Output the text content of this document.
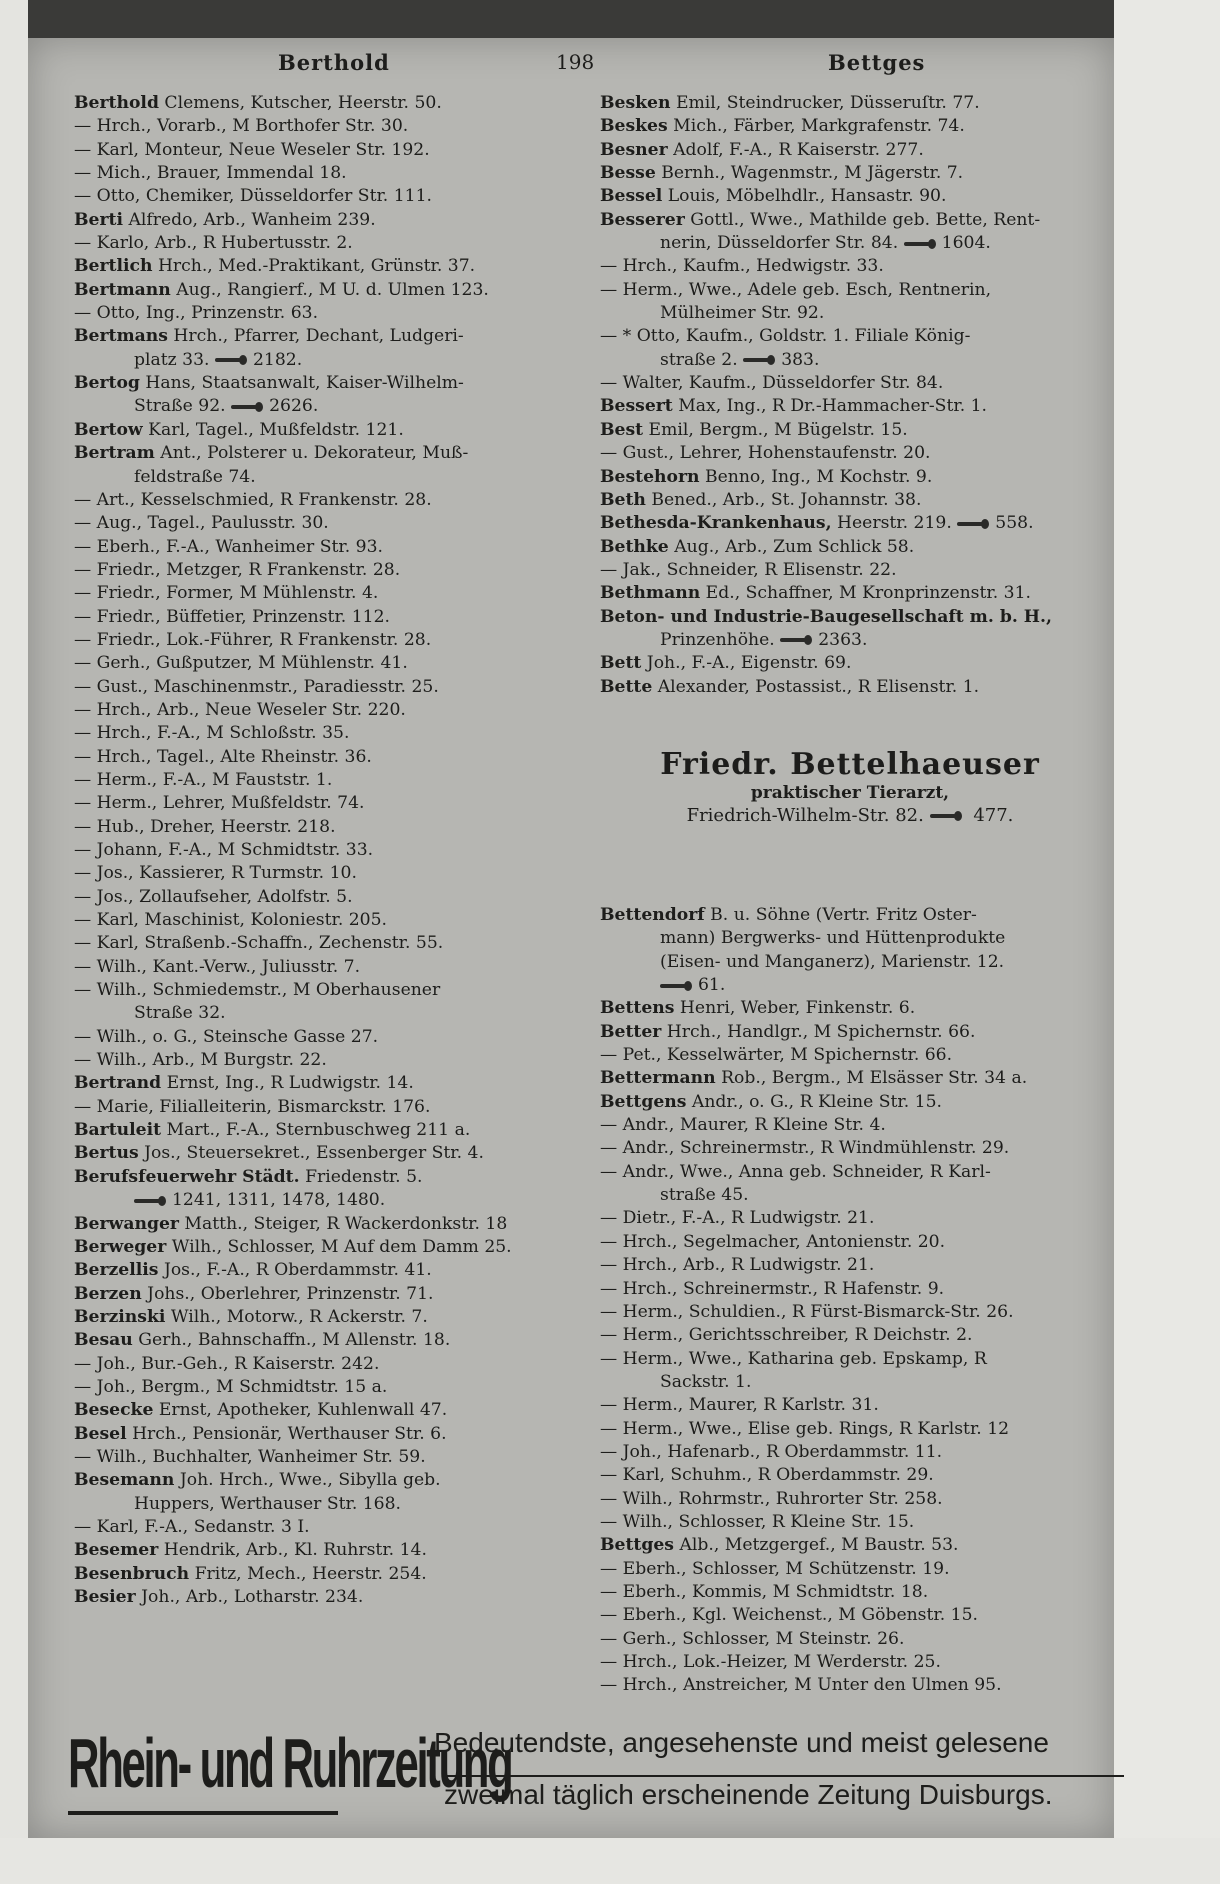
Berthold	198	Bettges
Berthold Clemens, Kutscher, Heerstr. 50.
— Hrch., Vorarb., M Borthofer Str. 30.
— Karl, Monteur, Neue Weseler Str. 192.
— Mich., Brauer, Immendal 18.
— Otto, Chemiker, Düsseldorfer Str. 111.
Berti Alfredo, Arb., Wanheim 239.
— Karlo, Arb., R Hubertusstr. 2.
Bertlich Hrch., Med.-Praktikant, Grünstr. 37.
Bertmann Aug., Rangierf., M U. d. Ulmen 123.
— Otto, Ing., Prinzenstr. 63.
Bertmans Hrch., Pfarrer, Dechant, Ludgeri-
platz 33.	2182.
Bertog Hans, Staatsanwalt, Kaiser-Wilhelm-
Straße 92.	2626.
Bertow Karl, Tagel., Mußfeldstr. 121.
Bertram Ant., Polsterer u. Dekorateur, Muß-
feldstraße 74.
— Art., Kesselschmied, R Frankenstr. 28.
— Aug., Tagel., Paulusstr. 30.
— Eberh., F.-A., Wanheimer Str. 93.
— Friedr., Metzger, R Frankenstr. 28.
— Friedr., Former, M Mühlenstr. 4.
— Friedr., Büffetier, Prinzenstr. 112.
— Friedr., Lok.-Führer, R Frankenstr. 28.
— Gerh., Gußputzer, M Mühlenstr. 41.
— Gust., Maschinenmstr., Paradiesstr. 25.
— Hrch., Arb., Neue Weseler Str. 220.
— Hrch., F.-A., M Schloßstr. 35.
— Hrch., Tagel., Alte Rheinstr. 36.
— Herm., F.-A., M Fauststr. 1.
— Herm., Lehrer, Mußfeldstr. 74.
— Hub., Dreher, Heerstr. 218.
— Johann, F.-A., M Schmidtstr. 33.
— Jos., Kassierer, R Turmstr. 10.
— Jos., Zollaufseher, Adolfstr. 5.
— Karl, Maschinist, Koloniestr. 205.
— Karl, Straßenb.-Schaffn., Zechenstr. 55.
— Wilh., Kant.-Verw., Juliusstr. 7.
— Wilh., Schmiedemstr., M Oberhausener
Straße 32.
— Wilh., o. G., Steinsche Gasse 27.
— Wilh., Arb., M Burgstr. 22.
Bertrand Ernst, Ing., R Ludwigstr. 14.
— Marie, Filialleiterin, Bismarckstr. 176.
Bartuleit Mart., F.-A., Sternbuschweg 211 a.
Bertus Jos., Steuersekret., Essenberger Str. 4.
Berufsfeuerwehr Städt. Friedenstr. 5.
1241, 1311, 1478, 1480.
Berwanger Matth., Steiger, R Wackerdonkstr. 18
Berweger Wilh., Schlosser, M Auf dem Damm 25.
Berzellis Jos., F.-A., R Oberdammstr. 41.
Berzen Johs., Oberlehrer, Prinzenstr. 71.
Berzinski Wilh., Motorw., R Ackerstr. 7.
Besau Gerh., Bahnschaffn., M Allenstr. 18.
— Joh., Bur.-Geh., R Kaiserstr. 242.
— Joh., Bergm., M Schmidtstr. 15 a.
Besecke Ernst, Apotheker, Kuhlenwall 47.
Besel Hrch., Pensionär, Werthauser Str. 6.
— Wilh., Buchhalter, Wanheimer Str. 59.
Besemann Joh. Hrch., Wwe., Sibylla geb.
Huppers, Werthauser Str. 168.
— Karl, F.-A., Sedanstr. 3 I.
Besemer Hendrik, Arb., Kl. Ruhrstr. 14.
Besenbruch Fritz, Mech., Heerstr. 254.
Besier Joh., Arb., Lotharstr. 234.
Besken Emil, Steindrucker, Düsseruſtr. 77.
Beskes Mich., Färber, Markgrafenstr. 74.
Besner Adolf, F.-A., R Kaiserstr. 277.
Besse Bernh., Wagenmstr., M Jägerstr. 7.
Bessel Louis, Möbelhdlr., Hansastr. 90.
Besserer Gottl., Wwe., Mathilde geb. Bette, Rent-
nerin, Düsseldorfer Str. 84.	1604.
— Hrch., Kaufm., Hedwigstr. 33.
— Herm., Wwe., Adele geb. Esch, Rentnerin,
Mülheimer Str. 92.
— * Otto, Kaufm., Goldstr. 1. Filiale König-
straße 2.	383.
— Walter, Kaufm., Düsseldorfer Str. 84.
Bessert Max, Ing., R Dr.-Hammacher-Str. 1.
Best Emil, Bergm., M Bügelstr. 15.
— Gust., Lehrer, Hohenstaufenstr. 20.
Bestehorn Benno, Ing., M Kochstr. 9.
Beth Bened., Arb., St. Johannstr. 38.
Bethesda-Krankenhaus, Heerstr. 219.	558.
Bethke Aug., Arb., Zum Schlick 58.
— Jak., Schneider, R Elisenstr. 22.
Bethmann Ed., Schaffner, M Kronprinzenstr. 31.
Beton- und Industrie-Baugesellschaft m. b. H.,
Prinzenhöhe.	2363.
Bett Joh., F.-A., Eigenstr. 69.
Bette Alexander, Postassist., R Elisenstr. 1.
Friedr. Bettelhaeuser
praktischer Tierarzt,
Friedrich-Wilhelm-Str. 82.	477.
Bettendorf B. u. Söhne (Vertr. Fritz Oster-
mann) Bergwerks- und Hüttenprodukte
(Eisen- und Manganerz), Marienstr. 12.
61.
Bettens Henri, Weber, Finkenstr. 6.
Better Hrch., Handlgr., M Spichernstr. 66.
— Pet., Kesselwärter, M Spichernstr. 66.
Bettermann Rob., Bergm., M Elsässer Str. 34 a.
Bettgens Andr., o. G., R Kleine Str. 15.
— Andr., Maurer, R Kleine Str. 4.
— Andr., Schreinermstr., R Windmühlenstr. 29.
— Andr., Wwe., Anna geb. Schneider, R Karl-
straße 45.
— Dietr., F.-A., R Ludwigstr. 21.
— Hrch., Segelmacher, Antonienstr. 20.
— Hrch., Arb., R Ludwigstr. 21.
— Hrch., Schreinermstr., R Hafenstr. 9.
— Herm., Schuldien., R Fürst-Bismarck-Str. 26.
— Herm., Gerichtsschreiber, R Deichstr. 2.
— Herm., Wwe., Katharina geb. Epskamp, R
Sackstr. 1.
— Herm., Maurer, R Karlstr. 31.
— Herm., Wwe., Elise geb. Rings, R Karlstr. 12
— Joh., Hafenarb., R Oberdammstr. 11.
— Karl, Schuhm., R Oberdammstr. 29.
— Wilh., Rohrmstr., Ruhrorter Str. 258.
— Wilh., Schlosser, R Kleine Str. 15.
Bettges Alb., Metzgergef., M Baustr. 53.
— Eberh., Schlosser, M Schützenstr. 19.
— Eberh., Kommis, M Schmidtstr. 18.
— Eberh., Kgl. Weichenst., M Göbenstr. 15.
— Gerh., Schlosser, M Steinstr. 26.
— Hrch., Lok.-Heizer, M Werderstr. 25.
— Hrch., Anstreicher, M Unter den Ulmen 95.
Rhein- und Ruhrzeitung
Bedeutendste, angesehenste und meist gelesene
zweimal täglich erscheinende Zeitung Duisburgs.
